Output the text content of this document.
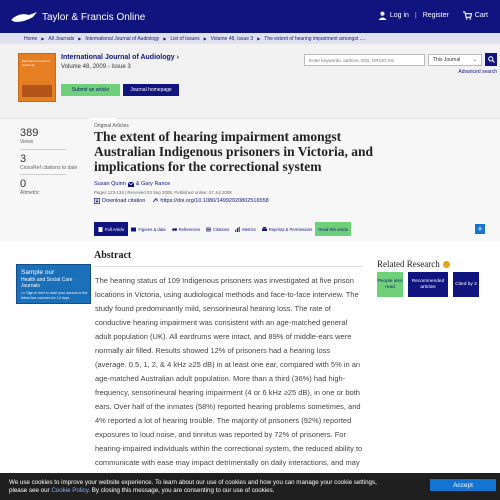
Taylor & Francis Online	Log in | Register
	Cart
Home ▶ All Journals ▶ International Journal of Audiology ▶ List of Issues ▶ Volume 48, Issue 3 ▶ The extent of hearing impairment amongst ....
International Journal of Audiology
International Journal of Audiology ›
Volume 48, 2009 - Issue 3
Submit an article	Journal homepage
Enter keywords, authors, DOI, ORCID etc
This Journal	⌄
Advanced search
389
Views
3
CrossRef citations to date
0
Altmetric
Original Articles
The extent of hearing impairment amongst Australian Indigenous prisoners in Victoria, and implications for the correctional system
Susan Quinn &
Gary Rance
Pages 123-134 | Received 03 Sep 2008, Published online: 07 Jul 2009
Download citation	https://doi.org/10.1080/14992020802516558
Full Article	Figures & data	References	Citations	Metrics	Reprints & Permissions Read this article	+
Abstract
The hearing status of 109 Indigenous prisoners was investigated at five prison locations in Victoria, using audiological methods and face-to-face interview. The study found predominantly mild, sensorineural hearing loss. The rate of conductive hearing impairment was consistent with an age-matched general adult population (UK). All eardrums were intact, and 89% of middle-ears were normally air filled. Results showed 12% of prisoners had a hearing loss (average. 0.5, 1, 2, & 4 kHz ≥25 dB) in at least one ear, compared with 5% in an age-matched Australian adult population. More than a third (36%) had high-frequency, sensorineural hearing impairment (4 or 6 kHz ≥25 dB), in one or both ears. Over half of the inmates (58%) reported hearing problems sometimes, and 4% reported a lot of hearing trouble. The majority of prisoners (92%) reported exposures to loud noise, and tinnitus was reported by 72% of prisoners. For hearing-impaired individuals within the correctional system, the reduced ability to communicate with ease may impact detrimentally on daily interactions, and may
Sample our
Health and Social Care Journals
>> Sign in here to start your access to the latest two volumes for 14 days
Related Research
People also read
Recommended articles
Cited by 3
We use cookies to improve your website experience. To learn about our use of cookies and how you can manage your cookie settings,
please see our Cookie Policy. By closing this message, you are consenting to our use of cookies.
Accept
